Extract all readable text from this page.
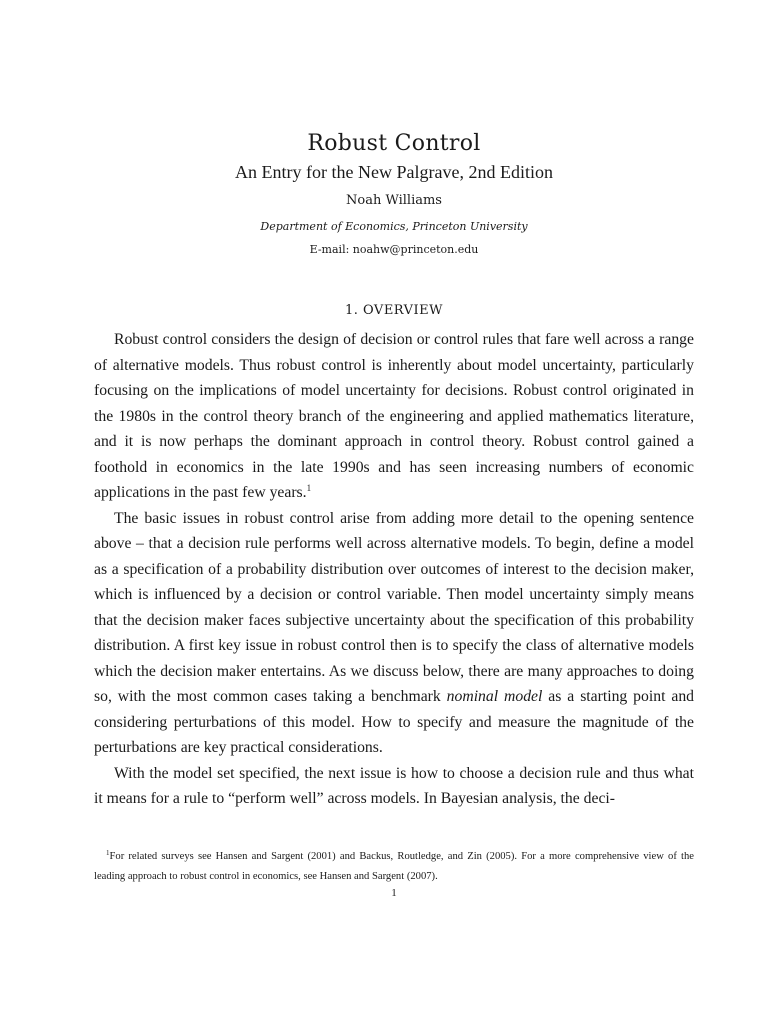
Robust Control
An Entry for the New Palgrave, 2nd Edition
Noah Williams
Department of Economics, Princeton University
E-mail: noahw@princeton.edu
1. OVERVIEW

Robust control considers the design of decision or control rules that fare well across a range of alternative models. Thus robust control is inherently about model uncertainty, particularly focusing on the implications of model uncertainty for decisions. Robust control originated in the 1980s in the control theory branch of the engineering and applied mathematics literature, and it is now perhaps the dominant approach in control theory. Robust control gained a foothold in economics in the late 1990s and has seen increasing numbers of economic applications in the past few years.$^1$

The basic issues in robust control arise from adding more detail to the opening sentence above – that a decision rule performs well across alternative models. To begin, define a model as a specification of a probability distribution over outcomes of interest to the decision maker, which is influenced by a decision or control variable. Then model uncertainty simply means that the decision maker faces subjective uncertainty about the specification of this probability distribution. A first key issue in robust control then is to specify the class of alternative models which the decision maker entertains. As we discuss below, there are many approaches to doing so, with the most common cases taking a benchmark nominal model as a starting point and considering perturbations of this model. How to specify and measure the magnitude of the perturbations are key practical considerations.

With the model set specified, the next issue is how to choose a decision rule and thus what it means for a rule to “perform well” across models. In Bayesian analysis, the deci-

$^1$For related surveys see Hansen and Sargent (2001) and Backus, Routledge, and Zin (2005). For a more comprehensive view of the leading approach to robust control in economics, see Hansen and Sargent (2007).
1
